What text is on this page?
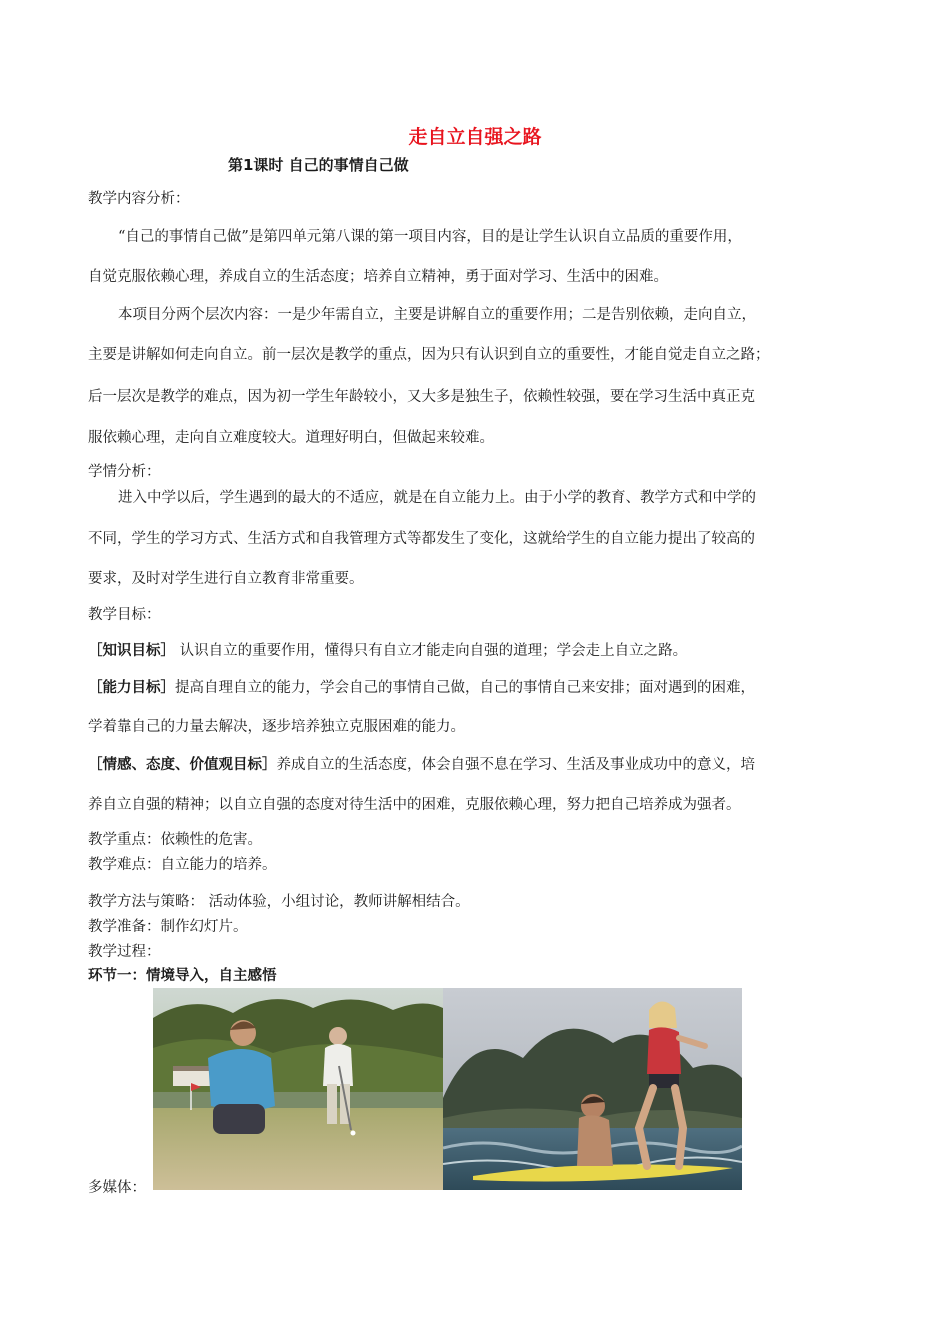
走自立自强之路
第1课时 自己的事情自己做
教学内容分析：
“自己的事情自己做”是第四单元第八课的第一项目内容，目的是让学生认识自立品质的重要作用，
自觉克服依赖心理，养成自立的生活态度；培养自立精神，勇于面对学习、生活中的困难。
本项目分两个层次内容：一是少年需自立，主要是讲解自立的重要作用；二是告别依赖，走向自立，
主要是讲解如何走向自立。前一层次是教学的重点，因为只有认识到自立的重要性，才能自觉走自立之路；
后一层次是教学的难点，因为初一学生年龄较小，又大多是独生子，依赖性较强，要在学习生活中真正克
服依赖心理，走向自立难度较大。道理好明白，但做起来较难。
学情分析：
进入中学以后，学生遇到的最大的不适应，就是在自立能力上。由于小学的教育、教学方式和中学的
不同，学生的学习方式、生活方式和自我管理方式等都发生了变化，这就给学生的自立能力提出了较高的
要求，及时对学生进行自立教育非常重要。
教学目标：
［知识目标］ 认识自立的重要作用，懂得只有自立才能走向自强的道理；学会走上自立之路。
［能力目标］提高自理自立的能力，学会自己的事情自己做，自己的事情自己来安排；面对遇到的困难，
学着靠自己的力量去解决，逐步培养独立克服困难的能力。
［情感、态度、价值观目标］养成自立的生活态度，体会自强不息在学习、生活及事业成功中的意义，培
养自立自强的精神；以自立自强的态度对待生活中的困难，克服依赖心理，努力把自己培养成为强者。
教学重点：依赖性的危害。
教学难点：自立能力的培养。
教学方法与策略： 活动体验，小组讨论，教师讲解相结合。
教学准备：制作幻灯片。
教学过程：
环节一：情境导入，自主感悟
多媒体：
